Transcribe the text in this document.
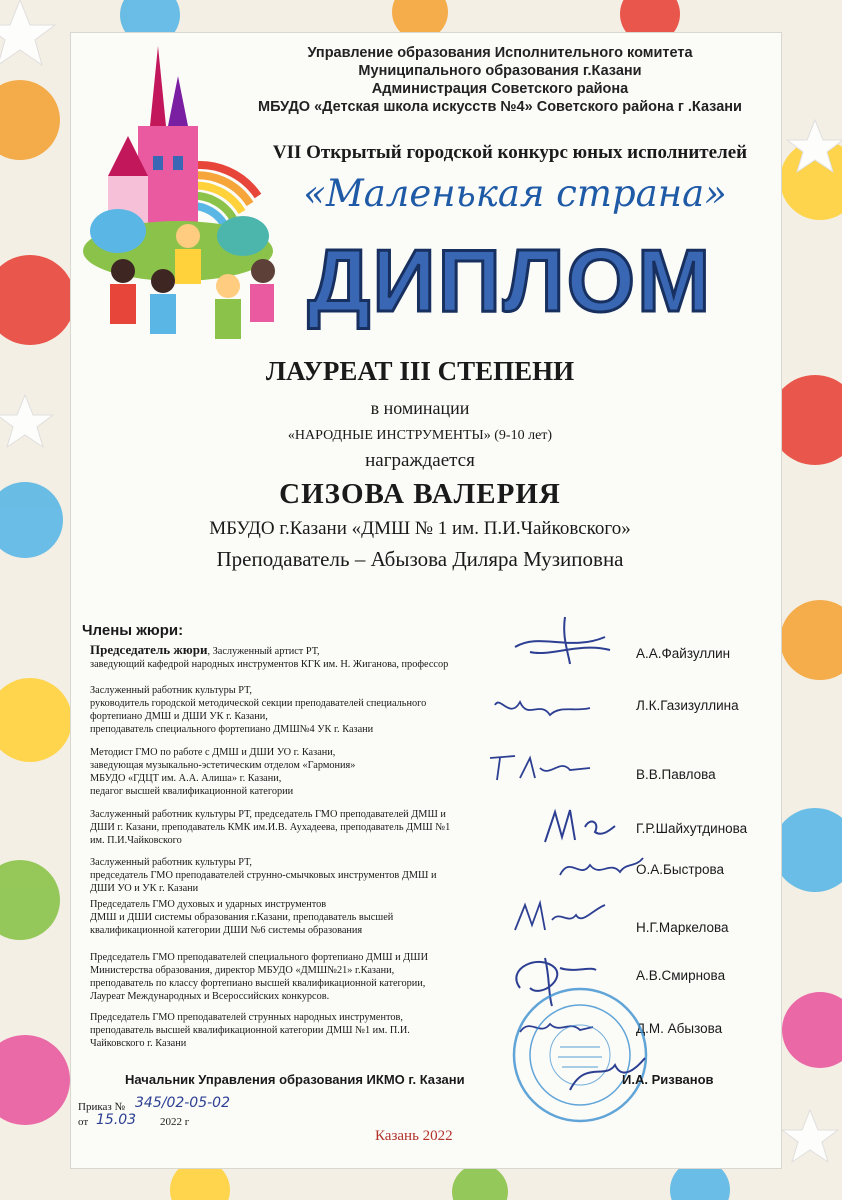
Управление образования Исполнительного комитета
Муниципального образования г.Казани
Администрация Советского района
МБУДО «Детская школа искусств №4» Советского района г .Казани
VII Открытый городской конкурс юных исполнителей
«Маленькая страна»
ДИПЛОМ
ЛАУРЕАТ III СТЕПЕНИ
в номинации
«НАРОДНЫЕ ИНСТРУМЕНТЫ» (9-10 лет)
награждается
СИЗОВА ВАЛЕРИЯ
МБУДО г.Казани «ДМШ № 1 им. П.И.Чайковского»
Преподаватель – Абызова Диляра Музиповна
Члены жюри:
Председатель жюри, Заслуженный артист РТ,
заведующий кафедрой народных инструментов КГК им. Н. Жиганова, профессор
А.А.Файзуллин
Заслуженный работник культуры РТ,
руководитель городской методической секции преподавателей специального
фортепиано ДМШ и ДШИ УК г. Казани,
преподаватель специального фортепиано ДМШ№4 УК г. Казани
Л.К.Газизуллина
Методист ГМО по работе с ДМШ и ДШИ УО г. Казани,
заведующая музыкально-эстетическим отделом «Гармония»
МБУДО «ГДЦТ им. А.А. Алиша» г. Казани,
педагог высшей квалификационной категории
В.В.Павлова
Заслуженный работник культуры РТ, председатель ГМО преподавателей ДМШ и
ДШИ г. Казани, преподаватель КМК им.И.В. Аухадеева, преподаватель ДМШ №1
им. П.И.Чайковского
Г.Р.Шайхутдинова
Заслуженный работник культуры РТ,
председатель ГМО преподавателей струнно-смычковых инструментов ДМШ и
ДШИ УО и УК г. Казани
О.А.Быстрова
Председатель ГМО духовых и ударных инструментов
ДМШ и ДШИ системы образования г.Казани, преподаватель высшей
квалификационной категории ДШИ №6 системы образования	Н.Г.Маркелова
Председатель ГМО преподавателей специального фортепиано ДМШ и ДШИ
Министерства образования, директор МБУДО «ДМШ№21» г.Казани,
преподаватель по классу фортепиано высшей квалификационной категории,
Лауреат Международных и Всероссийских конкурсов.
А.В.Смирнова
Председатель ГМО преподавателей струнных народных инструментов,
преподаватель высшей квалификационной категории ДМШ №1 им. П.И.
Чайковского г. Казани
Д.М. Абызова
Начальник Управления образования ИКМО г. Казани	И.А. Ризванов
Приказ № 345/02-05-02
от 15.03 2022 г
Казань 2022
